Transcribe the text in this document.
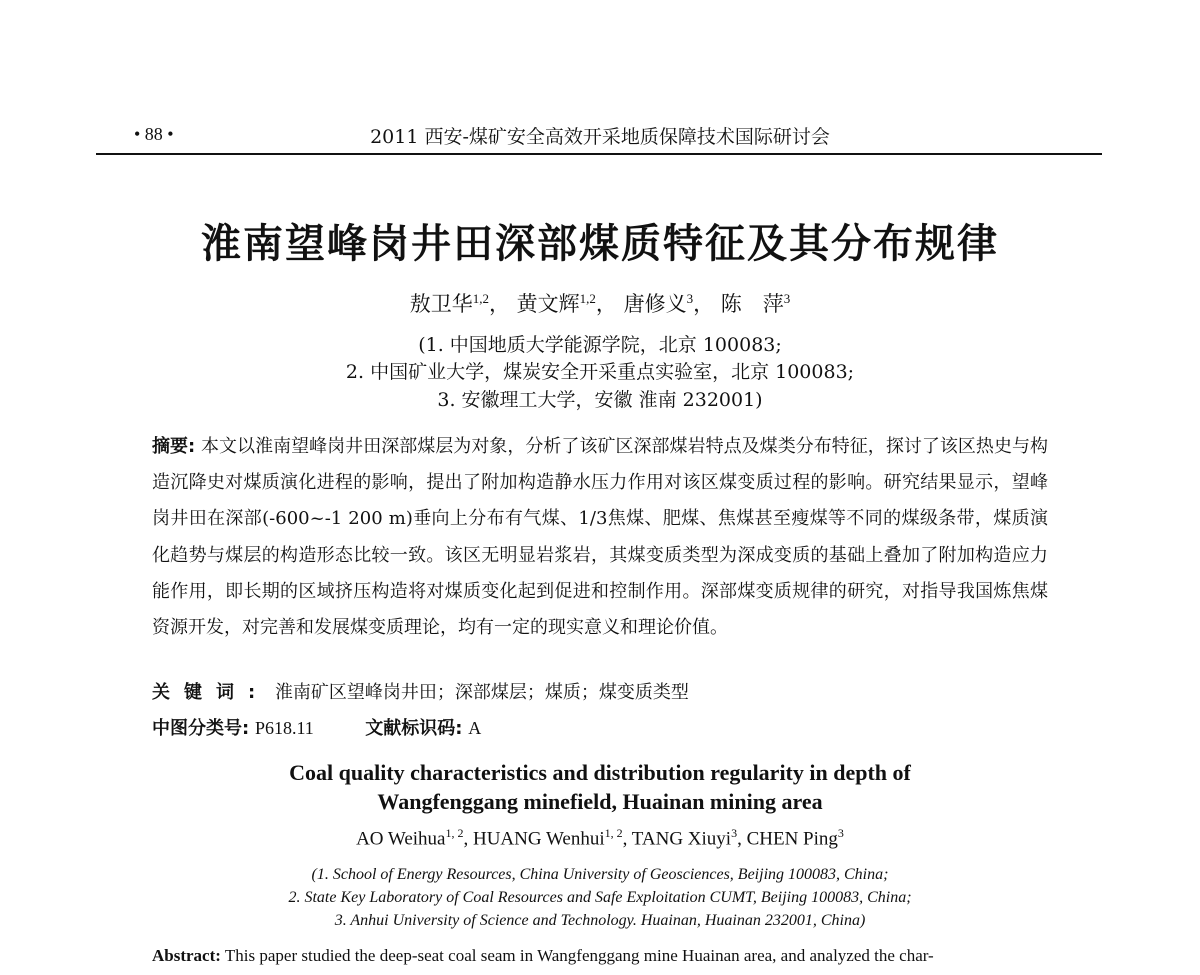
2011 西安-煤矿安全高效开采地质保障技术国际研讨会
• 88 •
淮南望峰岗井田深部煤质特征及其分布规律
敖卫华$^{1,2}$， 黄文辉$^{1,2}$， 唐修义$^3$， 陈　萍$^3$
(1. 中国地质大学能源学院，北京 100083;
2. 中国矿业大学，煤炭安全开采重点实验室，北京 100083;
3. 安徽理工大学，安徽 淮南 232001)
摘要: 本文以淮南望峰岗井田深部煤层为对象，分析了该矿区深部煤岩特点及煤类分布特征，探讨了该区热史与构造沉降史对煤质演化进程的影响，提出了附加构造静水压力作用对该区煤变质过程的影响。研究结果显示，望峰岗井田在深部(-600~-1 200 m)垂向上分布有气煤、1/3焦煤、肥煤、焦煤甚至瘦煤等不同的煤级条带，煤质演化趋势与煤层的构造形态比较一致。该区无明显岩浆岩，其煤变质类型为深成变质的基础上叠加了附加构造应力能作用，即长期的区域挤压构造将对煤质变化起到促进和控制作用。深部煤变质规律的研究，对指导我国炼焦煤资源开发，对完善和发展煤变质理论，均有一定的现实意义和理论价值。
关键词: 淮南矿区望峰岗井田；深部煤层；煤质；煤变质类型
中图分类号: P618.11	文献标识码: A
Coal quality characteristics and distribution regularity in depth of
Wangfenggang minefield, Huainan mining area
AO Weihua$^{1, 2}$, HUANG Wenhui$^{1, 2}$, TANG Xiuyi$^3$, CHEN Ping$^3$
(1. School of Energy Resources, China University of Geosciences, Beijing 100083, China;
2. State Key Laboratory of Coal Resources and Safe Exploitation CUMT, Beijing 100083, China;
3. Anhui University of Science and Technology. Huainan, Huainan 232001, China)
Abstract: This paper studied the deep-seat coal seam in Wangfenggang mine Huainan area, and analyzed the char-
